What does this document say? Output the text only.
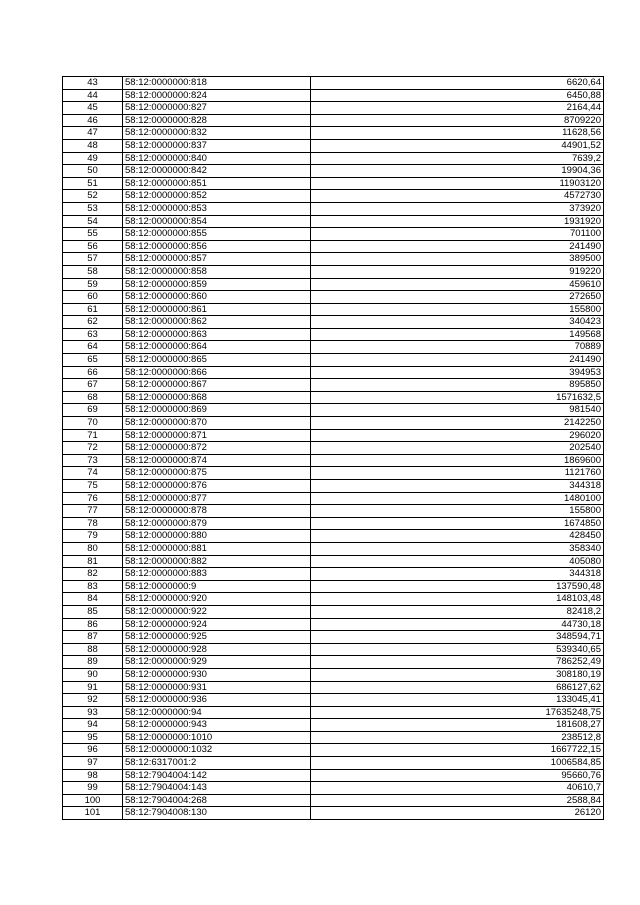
43	58:12:0000000:818	6620,64
44	58:12:0000000:824	6450,88
45	58:12:0000000:827	2164,44
46	58:12:0000000:828	8709220
47	58:12:0000000:832	11628,56
48	58:12:0000000:837	44901,52
49	58:12:0000000:840	7639,2
50	58:12:0000000:842	19904,36
51	58:12:0000000:851	11903120
52	58:12:0000000:852	4572730
53	58:12:0000000:853	373920
54	58:12:0000000:854	1931920
55	58:12:0000000:855	701100
56	58:12:0000000:856	241490
57	58:12:0000000:857	389500
58	58:12:0000000:858	919220
59	58:12:0000000:859	459610
60	58:12:0000000:860	272650
61	58:12:0000000:861	155800
62	58:12:0000000:862	340423
63	58:12:0000000:863	149568
64	58:12:0000000:864	70889
65	58:12:0000000:865	241490
66	58:12:0000000:866	394953
67	58:12:0000000:867	895850
68	58:12:0000000:868	1571632,5
69	58:12:0000000:869	981540
70	58:12:0000000:870	2142250
71	58:12:0000000:871	296020
72	58:12:0000000:872	202540
73	58:12:0000000:874	1869600
74	58:12:0000000:875	1121760
75	58:12:0000000:876	344318
76	58:12:0000000:877	1480100
77	58:12:0000000:878	155800
78	58:12:0000000:879	1674850
79	58:12:0000000:880	428450
80	58:12:0000000:881	358340
81	58:12:0000000:882	405080
82	58:12:0000000:883	344318
83	58:12:0000000:9	137590,48
84	58:12:0000000:920	148103,48
85	58:12:0000000:922	82418,2
86	58:12:0000000:924	44730,18
87	58:12:0000000:925	348594,71
88	58:12:0000000:928	539340,65
89	58:12:0000000:929	786252,49
90	58:12:0000000:930	308180,19
91	58:12:0000000:931	686127,62
92	58:12:0000000:936	133045,41
93	58:12:0000000:94	17635248,75
94	58:12:0000000:943	181608,27
95	58:12:0000000:1010	238512,8
96	58:12:0000000:1032	1667722,15
97	58:12:6317001:2	1006584,85
98	58:12:7904004:142	95660,76
99	58:12:7904004:143	40610,7
100	58:12:7904004:268	2588,84
101	58:12:7904008:130	26120
